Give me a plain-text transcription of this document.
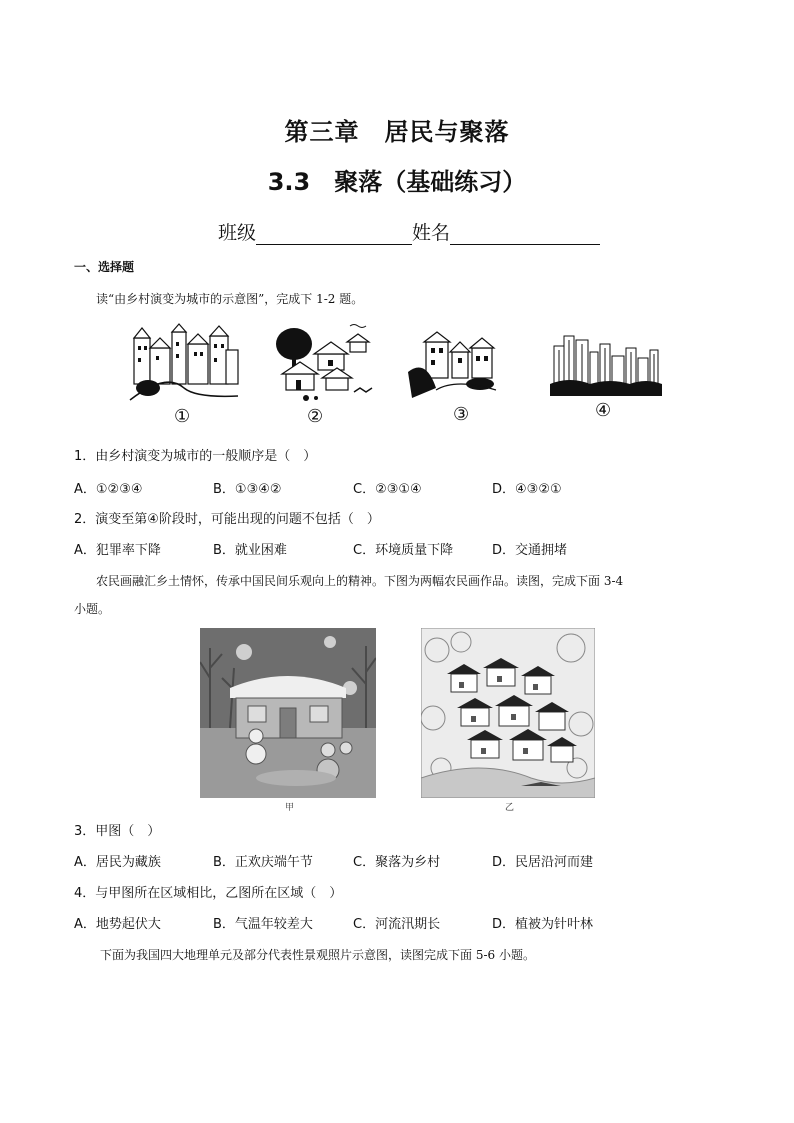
第三章　居民与聚落
3.3　聚落（基础练习）
班级	姓名
一、选择题
读“由乡村演变为城市的示意图”，完成下 1-2 题。
①	②	③	④
1．由乡村演变为城市的一般顺序是（　）
A．①②③④	B．①③④②	C．②③①④	D．④③②①
2．演变至第④阶段时，可能出现的问题不包括（　）
A．犯罪率下降	B．就业困难	C．环境质量下降	D．交通拥堵
农民画融汇乡土情怀，传承中国民间乐观向上的精神。下图为两幅农民画作品。读图，完成下面 3-4
小题。
甲	乙
3．甲图（　）
A．居民为藏族	B．正欢庆端午节	C．聚落为乡村	D．民居沿河而建
4．与甲图所在区域相比，乙图所在区域（　）
A．地势起伏大	B．气温年较差大	C．河流汛期长	D．植被为针叶林
下面为我国四大地理单元及部分代表性景观照片示意图，读图完成下面 5-6 小题。
